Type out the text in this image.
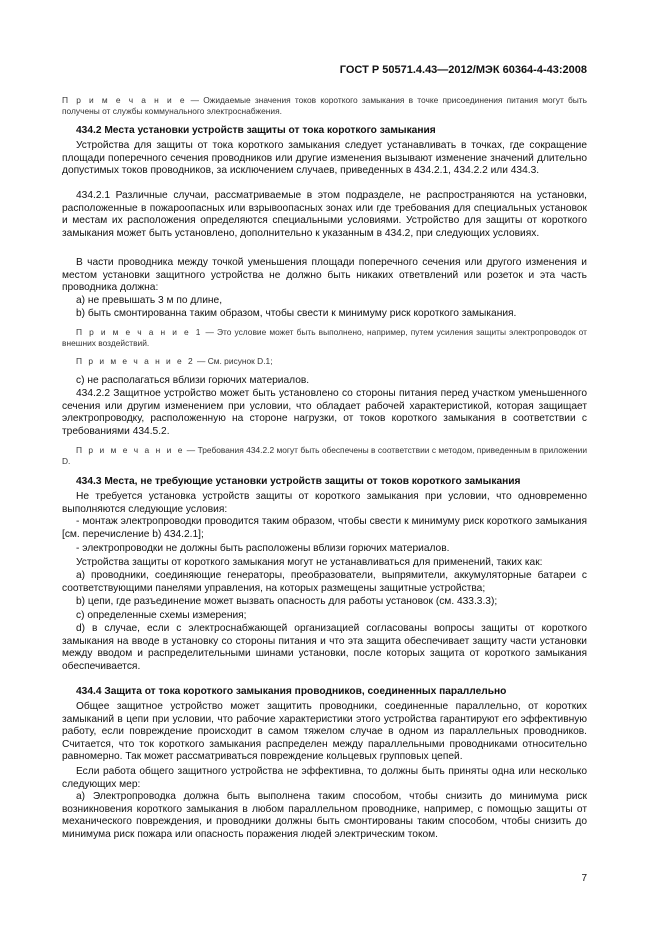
ГОСТ Р 50571.4.43—2012/МЭК 60364-4-43:2008
П р и м е ч а н и е — Ожидаемые значения токов короткого замыкания в точке присоединения питания могут быть получены от службы коммунального электроснабжения.
434.2 Места установки устройств защиты от тока короткого замыкания
Устройства для защиты от тока короткого замыкания следует устанавливать в точках, где сокращение площади поперечного сечения проводников или другие изменения вызывают изменение значений длительно допустимых токов проводников, за исключением случаев, приведенных в 434.2.1, 434.2.2 или 434.3.
434.2.1 Различные случаи, рассматриваемые в этом подразделе, не распространяются на установки, расположенные в пожароопасных или взрывоопасных зонах или где требования для специальных установок и местам их расположения определяются специальными условиями. Устройство для защиты от короткого замыкания может быть установлено, дополнительно к указанным в 434.2, при следующих условиях.
В части проводника между точкой уменьшения площади поперечного сечения или другого изменения и местом установки защитного устройства не должно быть никаких ответвлений или розеток и эта часть проводника должна:
а) не превышать 3 м по длине,
b) быть смонтированна таким образом, чтобы свести к минимуму риск короткого замыкания.
П р и м е ч а н и е 1 — Это условие может быть выполнено, например, путем усиления защиты электропроводок от внешних воздействий.
П р и м е ч а н и е 2 — См. рисунок D.1;
с) не располагаться вблизи горючих материалов.
434.2.2 Защитное устройство может быть установлено со стороны питания перед участком уменьшенного сечения или другим изменением при условии, что обладает рабочей характеристикой, которая защищает электропроводку, расположенную на стороне нагрузки, от токов короткого замыкания в соответствии с требованиями 434.5.2.
П р и м е ч а н и е — Требования 434.2.2 могут быть обеспечены в соответствии с методом, приведенным в приложении D.
434.3 Места, не требующие установки устройств защиты от токов короткого замыкания
Не требуется установка устройств защиты от короткого замыкания при условии, что одновременно выполняются следующие условия:
- монтаж электропроводки проводится таким образом, чтобы свести к минимуму риск короткого замыкания [см. перечисление b) 434.2.1];
- электропроводки не должны быть расположены вблизи горючих материалов.
Устройства защиты от короткого замыкания могут не устанавливаться для применений, таких как:
а) проводники, соединяющие генераторы, преобразователи, выпрямители, аккумуляторные батареи с соответствующими панелями управления, на которых размещены защитные устройства;
b) цепи, где разъединение может вызвать опасность для работы установок (см. 433.3.3);
с) определенные схемы измерения;
d) в случае, если с электроснабжающей организацией согласованы вопросы защиты от короткого замыкания на вводе в установку со стороны питания и что эта защита обеспечивает защиту части установки между вводом и распределительными шинами установки, после которых защита от короткого замыкания обеспечивается.
434.4 Защита от тока короткого замыкания проводников, соединенных параллельно
Общее защитное устройство может защитить проводники, соединенные параллельно, от коротких замыканий в цепи при условии, что рабочие характеристики этого устройства гарантируют его эффективную работу, если повреждение происходит в самом тяжелом случае в одном из параллельных проводников. Считается, что ток короткого замыкания распределен между параллельными проводниками относительно равномерно. Так может рассматриваться повреждение кольцевых групповых цепей.
Если работа общего защитного устройства не эффективна, то должны быть приняты одна или несколько следующих мер:
а) Электропроводка должна быть выполнена таким способом, чтобы снизить до минимума риск возникновения короткого замыкания в любом параллельном проводнике, например, с помощью защиты от механического повреждения, и проводники должны быть смонтированы таким способом, чтобы снизить до минимума риск пожара или опасность поражения людей электрическим током.
7
